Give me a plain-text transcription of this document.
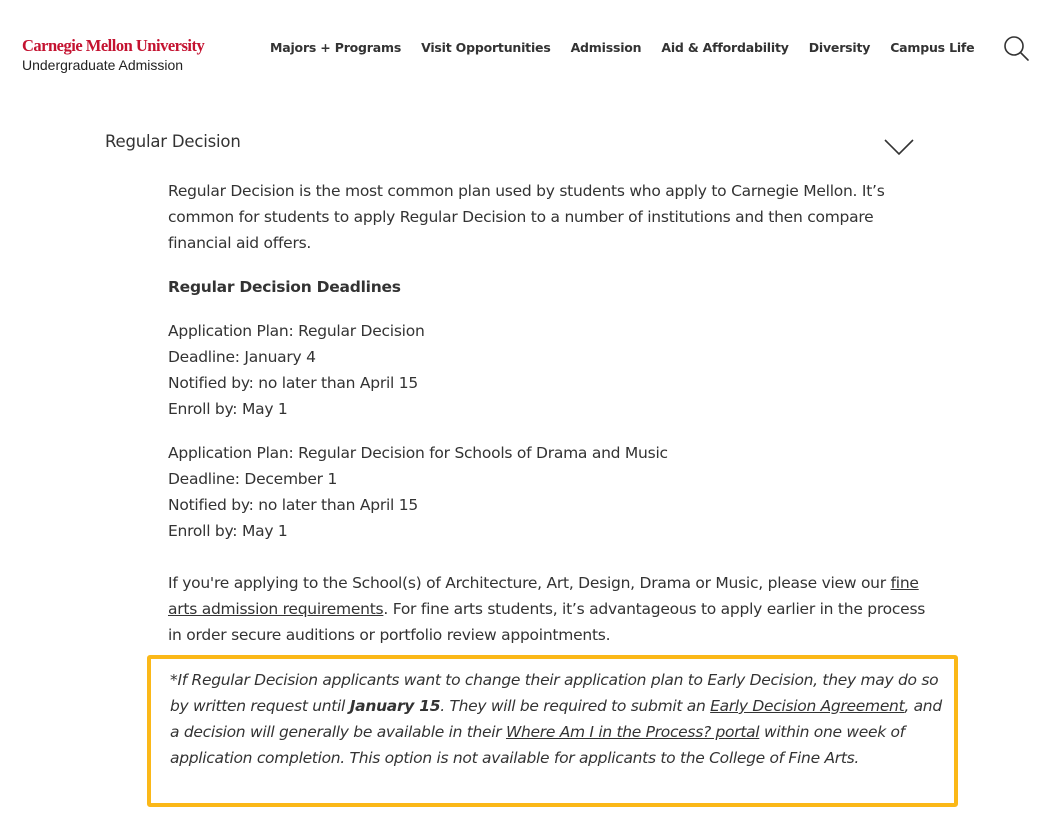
Carnegie Mellon University
Undergraduate Admission
Majors + Programs Visit Opportunities Admission Aid & Affordability Diversity Campus Life
Regular Decision

Regular Decision is the most common plan used by students who apply to Carnegie Mellon. It’s common for students to apply Regular Decision to a number of institutions and then compare financial aid offers.

Regular Decision Deadlines

Application Plan: Regular Decision
Deadline: January 4
Notified by: no later than April 15
Enroll by: May 1
Application Plan: Regular Decision for Schools of Drama and Music
Deadline: December 1
Notified by: no later than April 15
Enroll by: May 1

If you're applying to the School(s) of Architecture, Art, Design, Drama or Music, please view our fine arts admission requirements. For fine arts students, it’s advantageous to apply earlier in the process in order secure auditions or portfolio review appointments.

*If Regular Decision applicants want to change their application plan to Early Decision, they may do so by written request until January 15. They will be required to submit an Early Decision Agreement, and a decision will generally be available in their Where Am I in the Process? portal within one week of application completion. This option is not available for applicants to the College of Fine Arts.
